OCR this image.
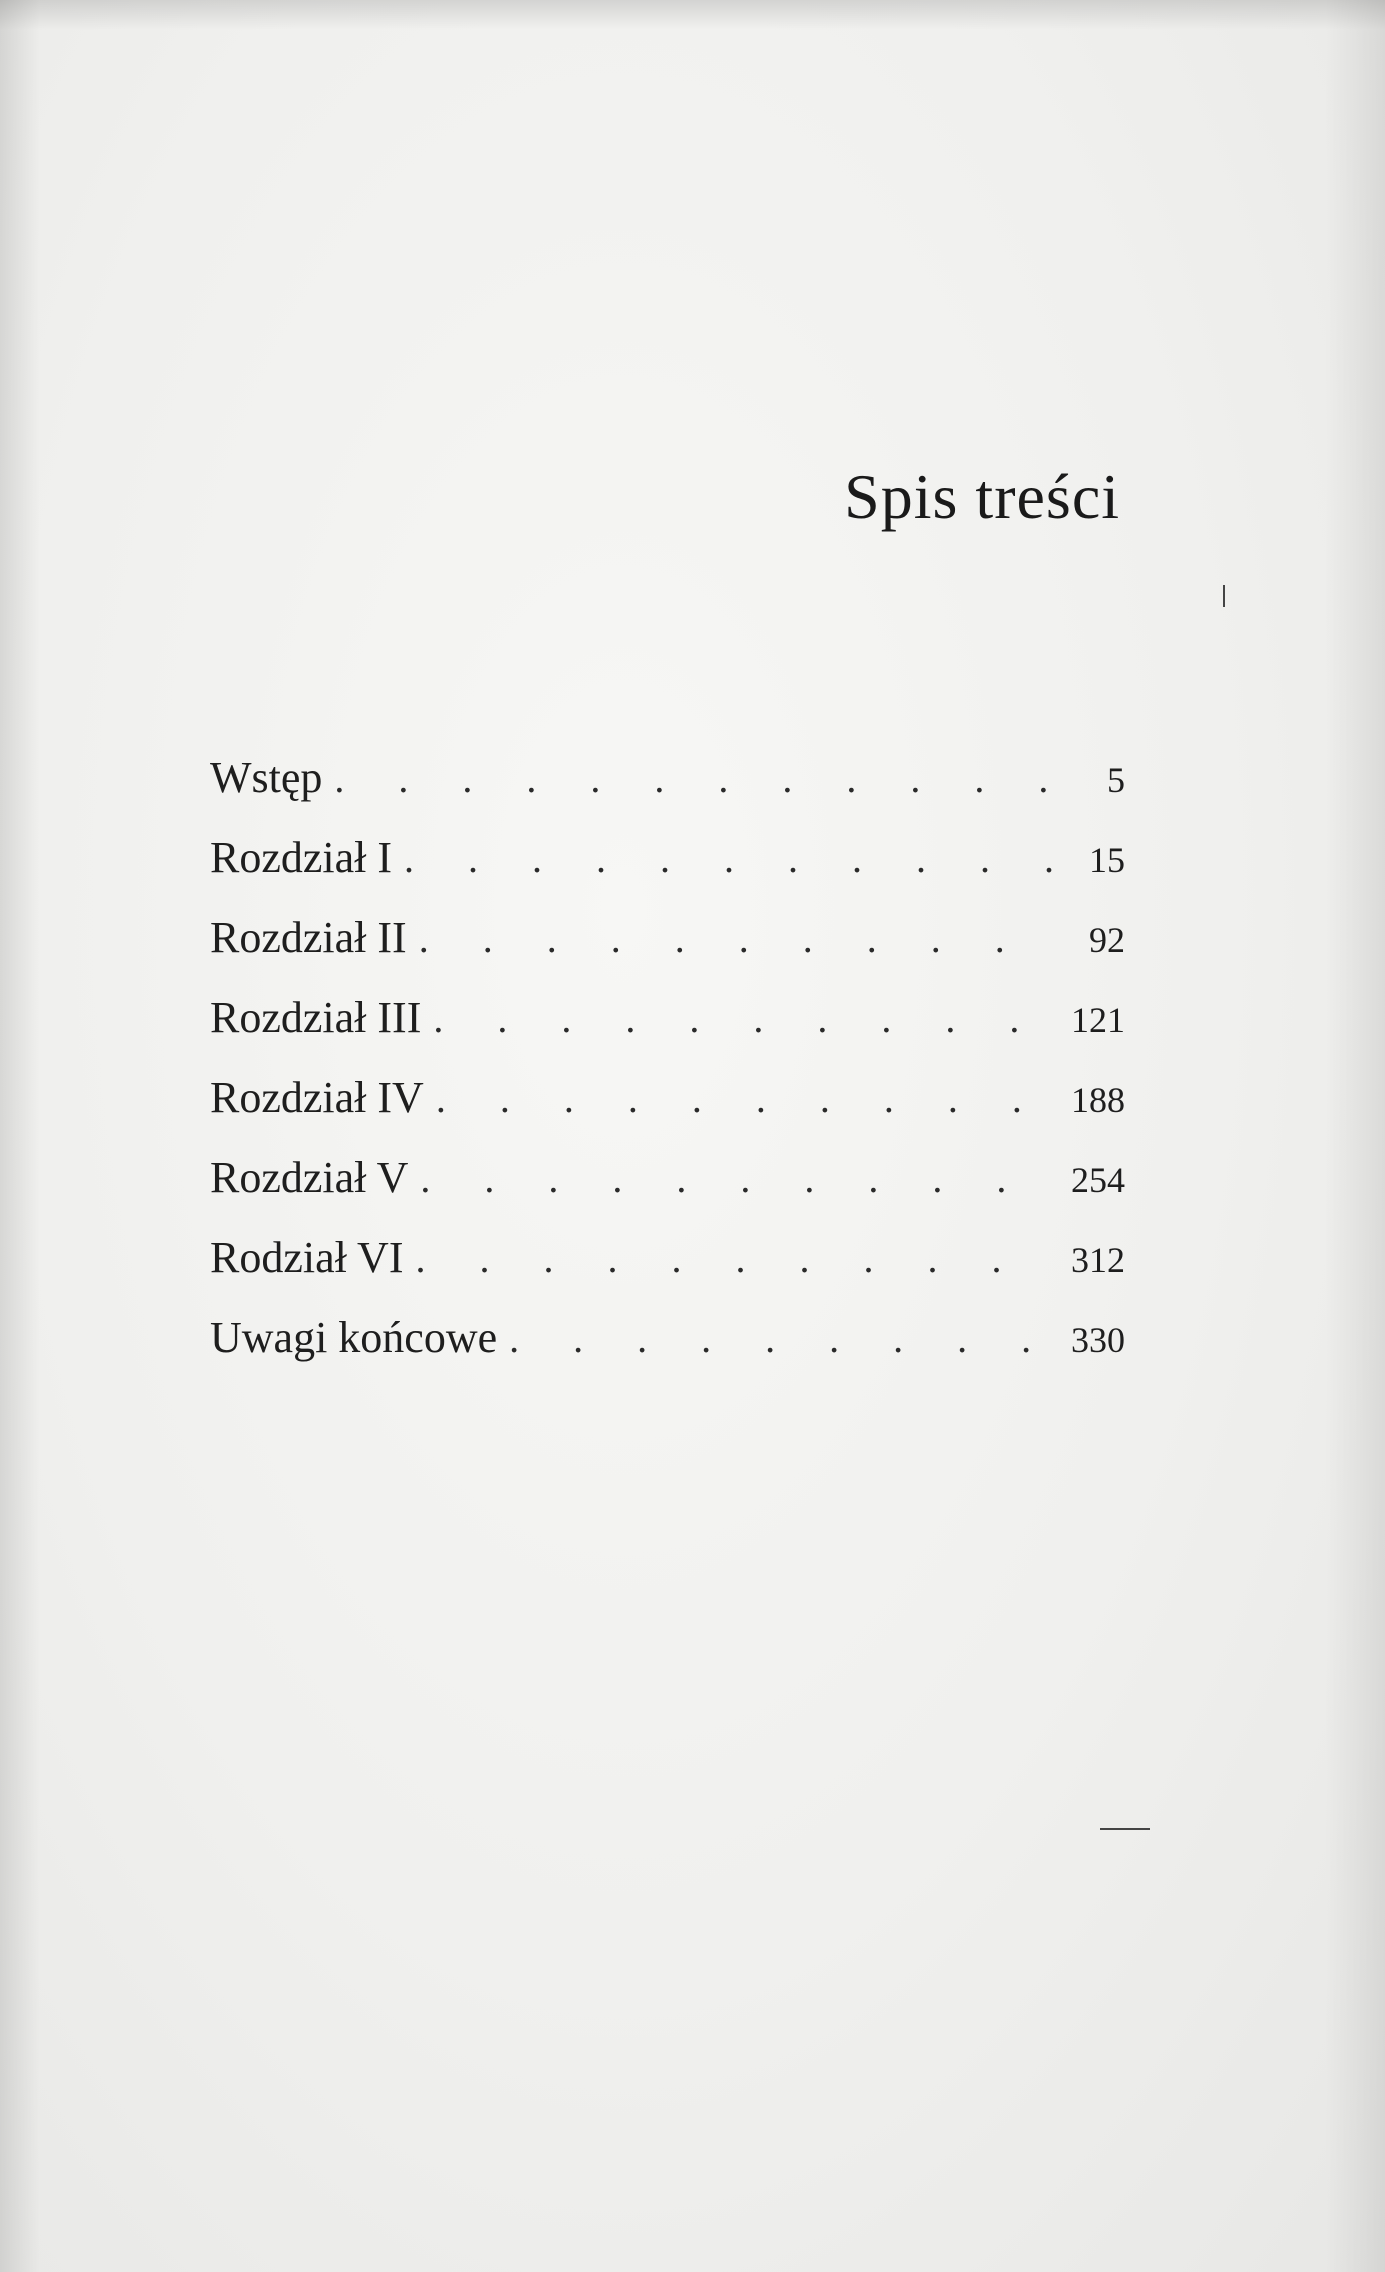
Spis treści
Wstęp . . .	5
Rozdział I . . .	15
Rozdział II . . .	92
Rozdział III . . .	121
Rozdział IV . . .	188
Rozdział V . . .	254
Rodział VI . . .	312
Uwagi końcowe . . .	330
